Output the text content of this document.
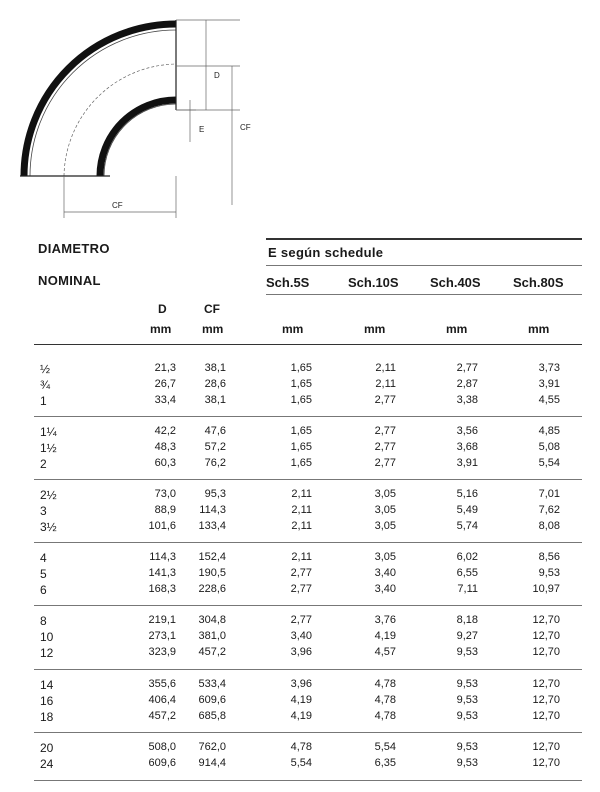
D
E	CF
CF
DIAMETRO
NOMINAL
E según schedule
Sch.5S	Sch.10S Sch.40S Sch.80S
D	CF
mm	mm	mm	mm	mm	mm
½	21,3	38,1	1,65	2,11	2,77	3,73
¾	26,7	28,6	1,65	2,11	2,87	3,91
1	33,4	38,1	1,65	2,77	3,38	4,55
1¼	42,2	47,6	1,65	2,77	3,56	4,85
1½	48,3	57,2	1,65	2,77	3,68	5,08
2	60,3	76,2	1,65	2,77	3,91	5,54
2½	73,0	95,3	2,11	3,05	5,16	7,01
3	88,9	114,3	2,11	3,05	5,49	7,62
3½	101,6	133,4	2,11	3,05	5,74	8,08
4	114,3	152,4	2,11	3,05	6,02	8,56
5	141,3	190,5	2,77	3,40	6,55	9,53
6	168,3	228,6	2,77	3,40	7,11	10,97
8	219,1	304,8	2,77	3,76	8,18	12,70
10	273,1	381,0	3,40	4,19	9,27	12,70
12	323,9	457,2	3,96	4,57	9,53	12,70
14	355,6	533,4	3,96	4,78	9,53	12,70
16	406,4	609,6	4,19	4,78	9,53	12,70
18	457,2	685,8	4,19	4,78	9,53	12,70
20	508,0	762,0	4,78	5,54	9,53	12,70
24	609,6	914,4	5,54	6,35	9,53	12,70
